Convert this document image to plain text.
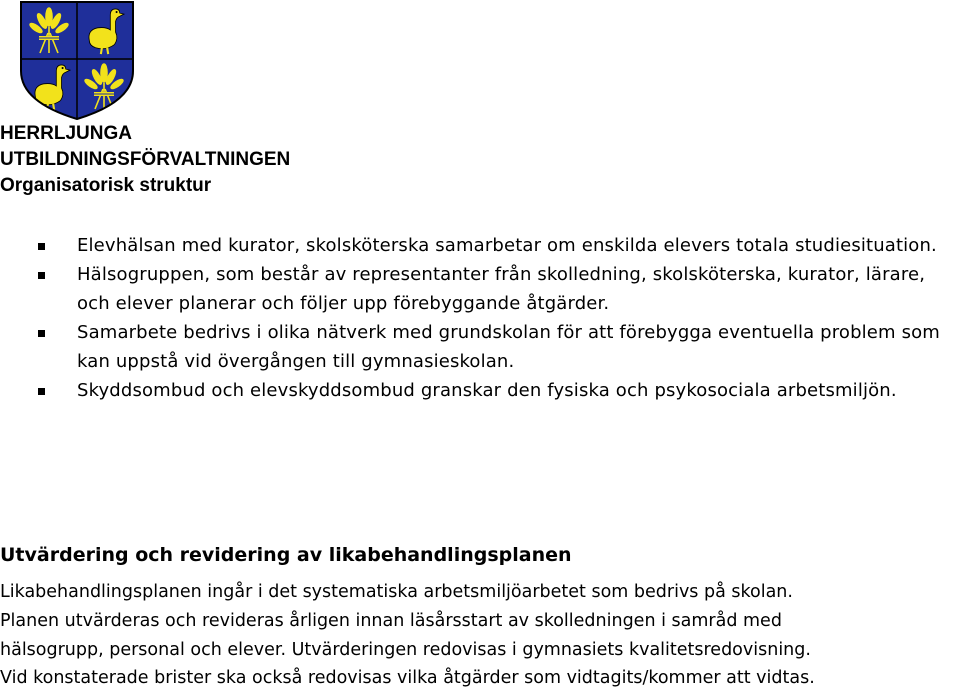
HERRLJUNGA
UTBILDNINGSFÖRVALTNINGEN
Organisatorisk struktur
Elevhälsan med kurator, skolsköterska samarbetar om enskilda elevers totala studiesituation.
Hälsogruppen, som består av representanter från skolledning, skolsköterska, kurator, lärare, och elever planerar och följer upp förebyggande åtgärder.
Samarbete bedrivs i olika nätverk med grundskolan för att förebygga eventuella problem som kan uppstå vid övergången till gymnasieskolan.
Skyddsombud och elevskyddsombud granskar den fysiska och psykosociala arbetsmiljön.
Utvärdering och revidering av likabehandlingsplanen
Likabehandlingsplanen ingår i det systematiska arbetsmiljöarbetet som bedrivs på skolan.
Planen utvärderas och revideras årligen innan läsårsstart av skolledningen i samråd med
hälsogrupp, personal och elever. Utvärderingen redovisas i gymnasiets kvalitetsredovisning.
Vid konstaterade brister ska också redovisas vilka åtgärder som vidtagits/kommer att vidtas.
